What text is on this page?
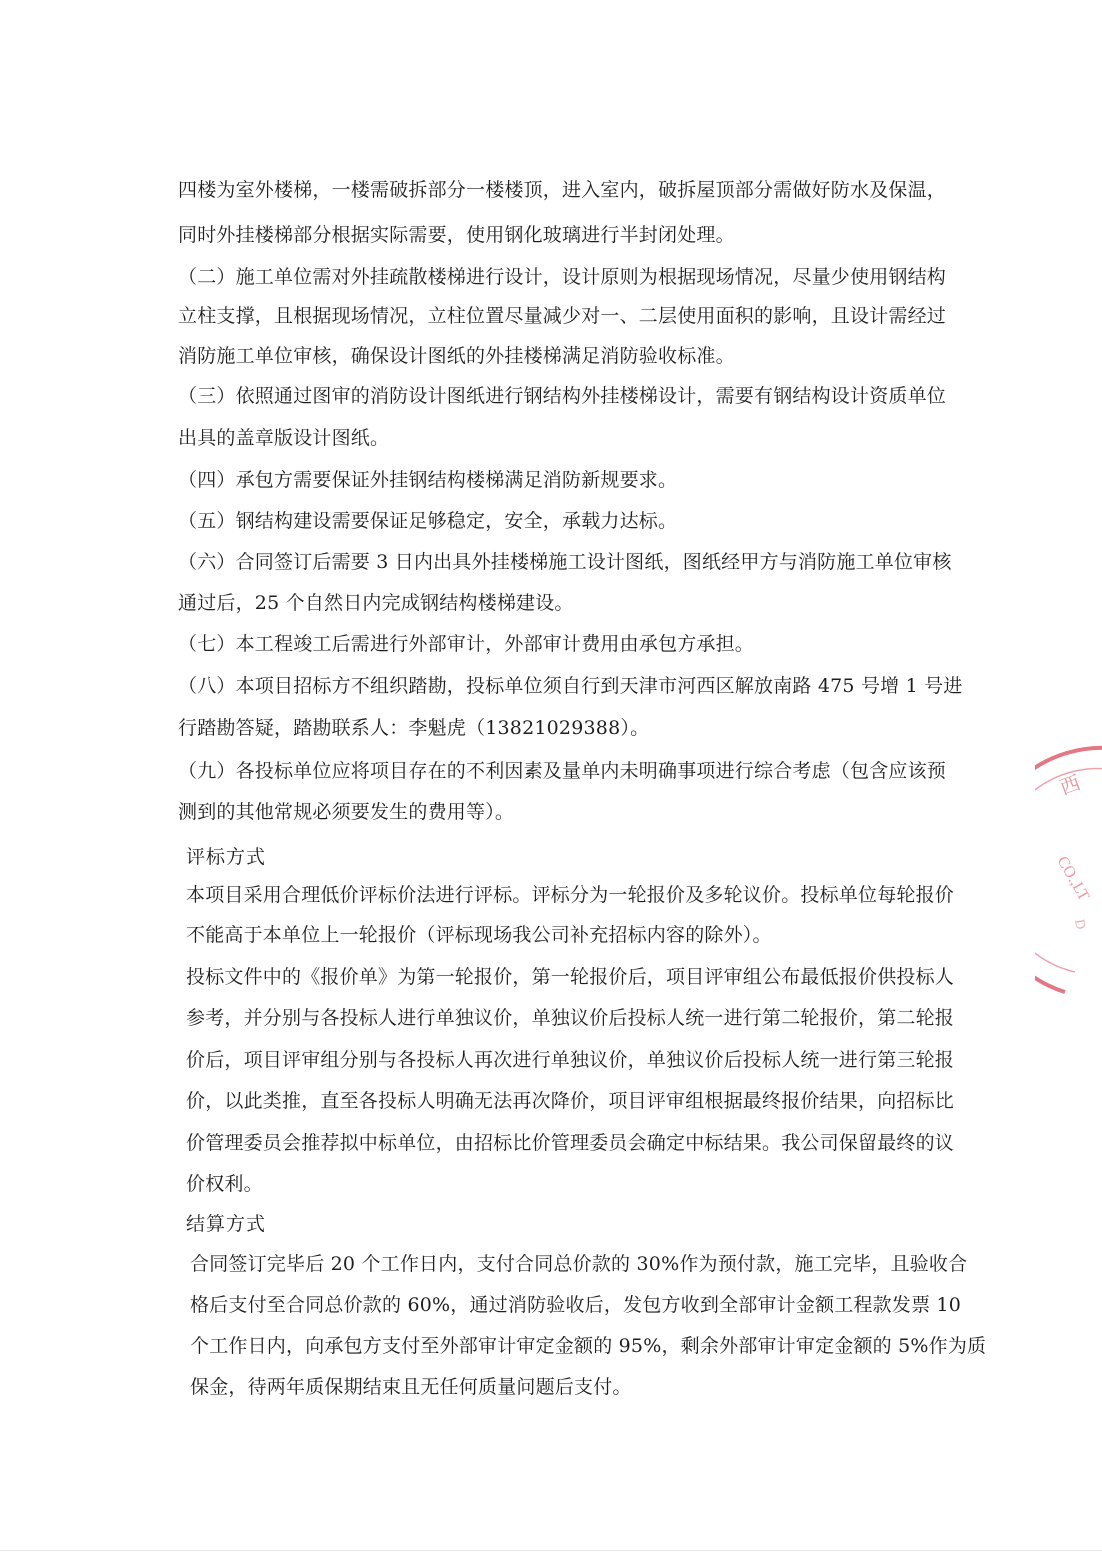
四楼为室外楼梯，一楼需破拆部分一楼楼顶，进入室内，破拆屋顶部分需做好防水及保温，

同时外挂楼梯部分根据实际需要，使用钢化玻璃进行半封闭处理。

（二）施工单位需对外挂疏散楼梯进行设计，设计原则为根据现场情况，尽量少使用钢结构

立柱支撑，且根据现场情况，立柱位置尽量减少对一、二层使用面积的影响，且设计需经过

消防施工单位审核，确保设计图纸的外挂楼梯满足消防验收标准。

（三）依照通过图审的消防设计图纸进行钢结构外挂楼梯设计，需要有钢结构设计资质单位

出具的盖章版设计图纸。

（四）承包方需要保证外挂钢结构楼梯满足消防新规要求。

（五）钢结构建设需要保证足够稳定，安全，承载力达标。

（六）合同签订后需要 3 日内出具外挂楼梯施工设计图纸，图纸经甲方与消防施工单位审核

通过后，25 个自然日内完成钢结构楼梯建设。

（七）本工程竣工后需进行外部审计，外部审计费用由承包方承担。

（八）本项目招标方不组织踏勘，投标单位须自行到天津市河西区解放南路 475 号增 1 号进

行踏勘答疑，踏勘联系人：李魁虎（13821029388）。

（九）各投标单位应将项目存在的不利因素及量单内未明确事项进行综合考虑（包含应该预

测到的其他常规必须要发生的费用等）。

评标方式

本项目采用合理低价评标价法进行评标。评标分为一轮报价及多轮议价。投标单位每轮报价

不能高于本单位上一轮报价（评标现场我公司补充招标内容的除外）。

投标文件中的《报价单》为第一轮报价，第一轮报价后，项目评审组公布最低报价供投标人

参考，并分别与各投标人进行单独议价，单独议价后投标人统一进行第二轮报价，第二轮报

价后，项目评审组分别与各投标人再次进行单独议价，单独议价后投标人统一进行第三轮报

价，以此类推，直至各投标人明确无法再次降价，项目评审组根据最终报价结果，向招标比

价管理委员会推荐拟中标单位，由招标比价管理委员会确定中标结果。我公司保留最终的议

价权利。

结算方式

合同签订完毕后 20 个工作日内，支付合同总价款的 30%作为预付款，施工完毕，且验收合

格后支付至合同总价款的 60%，通过消防验收后，发包方收到全部审计金额工程款发票 10

个工作日内，向承包方支付至外部审计审定金额的 95%，剩余外部审计审定金额的 5%作为质

保金，待两年质保期结束且无任何质量问题后支付。

西
CO.,LT
D
